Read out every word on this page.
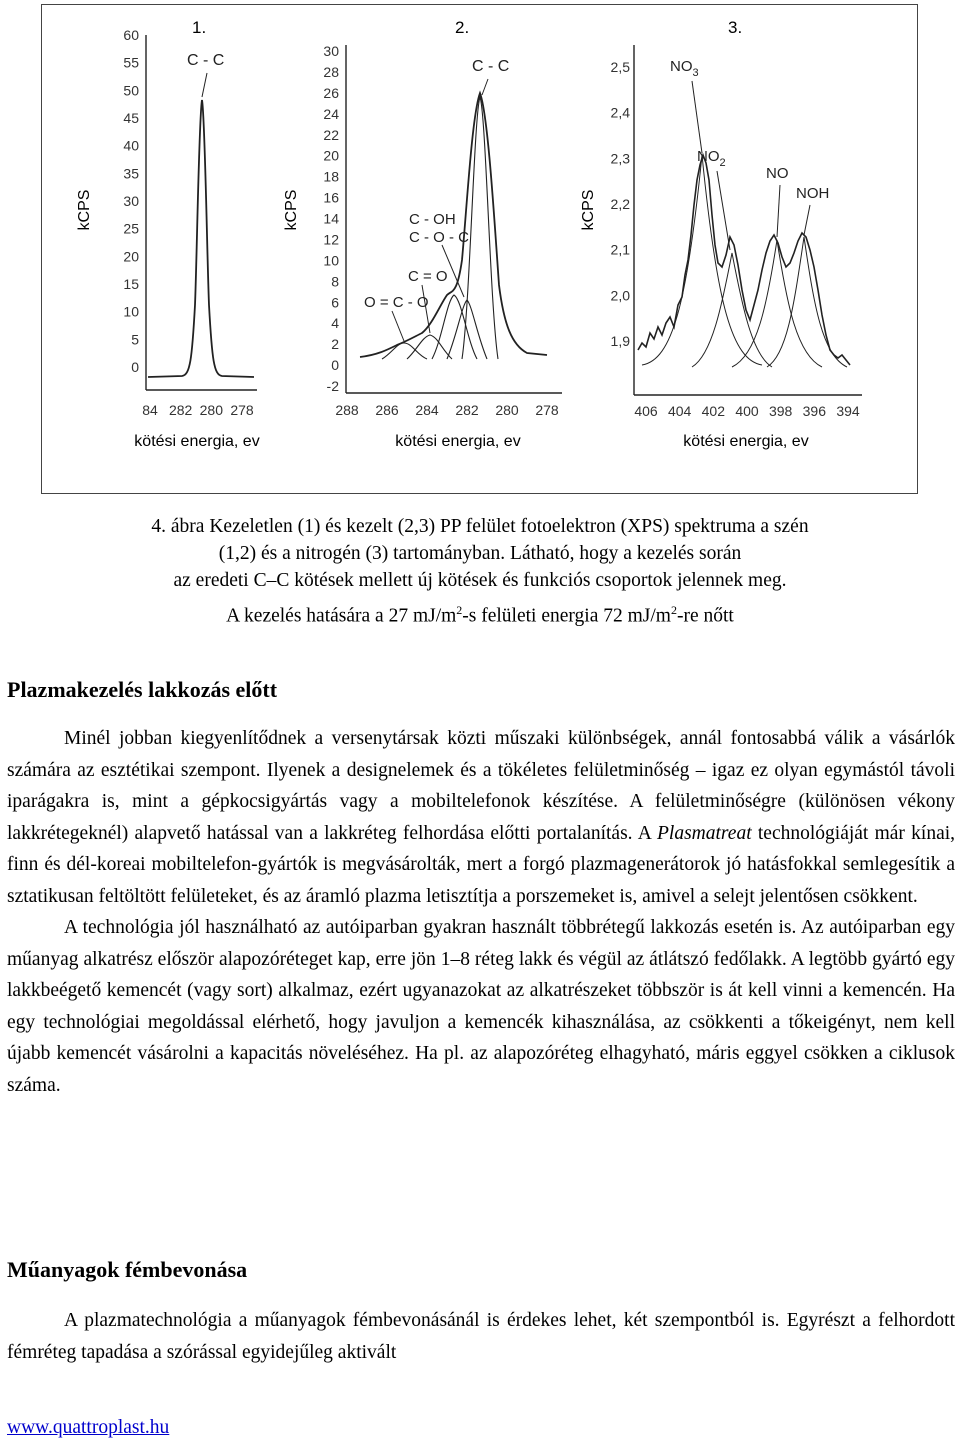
1.	2.	3.
kCPS	kCPS	kCPS
kötési energia, ev	kötési energia, ev	kötési energia, ev
60
55
50
45
40
35
30
25
20
15
10
5
0
84 282 280 278
C - C
30
28
26
24
22
20
18
16
14
12
10
8
6
4
2
0
-2
288 286 284 282 280 278
C - C
C - OH
C - O - C
C = O
O = C - O
2,5
2,4
2,3
2,2
2,1
2,0
1,9
406 404 402 400 398 396 394
$NO_3$
$NO_2$
NO
NOH

4. ábra Kezeletlen (1) és kezelt (2,3) PP felület fotoelektron (XPS) spektruma a szén

(1,2) és a nitrogén (3) tartományban. Látható, hogy a kezelés során

az eredeti C–C kötések mellett új kötések és funkciós csoportok jelennek meg.

A kezelés hatására a 27 $mJ/m^2-s$ felületi energia 72 $mJ/m^2-re$ nőtt

Plazmakezelés lakkozás előtt

Minél jobban kiegyenlítődnek a versenytársak közti műszaki különbségek, annál fontosabbá válik a vásárlók számára az esztétikai szempont. Ilyenek a designelemek és a tökéletes felületminőség – igaz ez olyan egymástól távoli iparágakra is, mint a gépkocsigyártás vagy a mobiltelefonok készítése. A felületminőségre (különösen vékony lakkrétegeknél) alapvető hatással van a lakkréteg felhordása előtti portalanítás. A Plasmatreat technológiáját már kínai, finn és dél-koreai mobiltelefon-gyártók is megvásárolták, mert a forgó plazmagenerátorok jó hatásfokkal semlegesítik a sztatikusan feltöltött felületeket, és az áramló plazma letisztítja a porszemeket is, amivel a selejt jelentősen csökkent.

A technológia jól használható az autóiparban gyakran használt többrétegű lakkozás esetén is. Az autóiparban egy műanyag alkatrész először alapozóréteget kap, erre jön 1–8 réteg lakk és végül az átlátszó fedőlakk. A legtöbb gyártó egy lakkbeégető kemencét (vagy sort) alkalmaz, ezért ugyanazokat az alkatrészeket többször is át kell vinni a kemencén. Ha egy technológiai megoldással elérhető, hogy javuljon a kemencék kihasználása, az csökkenti a tőkeigényt, nem kell újabb kemencét vásárolni a kapacitás növeléséhez. Ha pl. az alapozóréteg elhagyható, máris eggyel csökken a ciklusok száma.

Műanyagok fémbevonása

A plazmatechnológia a műanyagok fémbevonásánál is érdekes lehet, két szempontból is. Egyrészt a felhordott fémréteg tapadása a szórással egyidejűleg aktivált

www.quattroplast.hu
